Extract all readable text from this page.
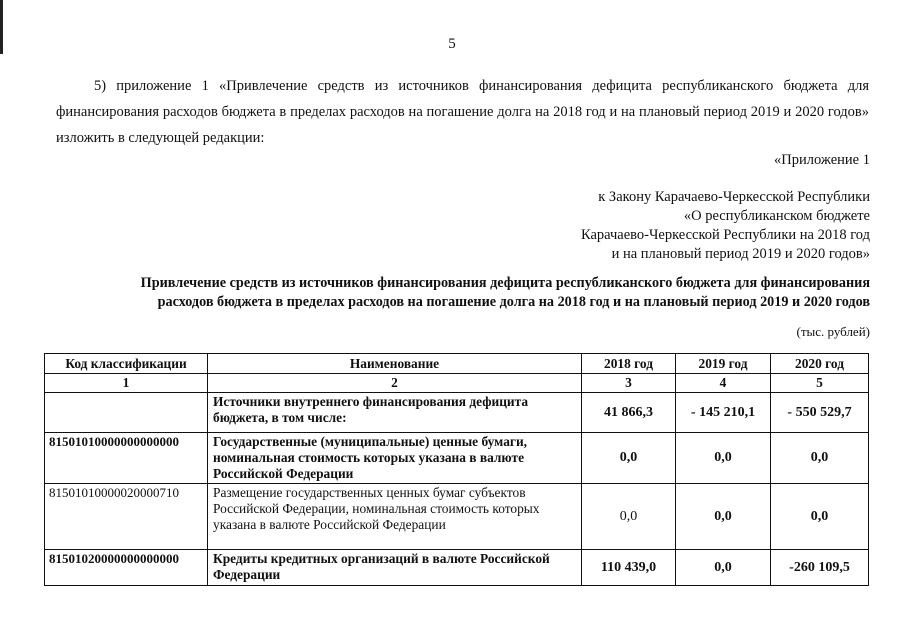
5

5) приложение 1 «Привлечение средств из источников финансирования дефицита республиканского бюджета для финансирования расходов бюджета в пределах расходов на погашение долга на 2018 год и на плановый период 2019 и 2020 годов» изложить в следующей редакции:

«Приложение 1
к Закону Карачаево-Черкесской Республики
«О республиканском бюджете
Карачаево-Черкесской Республики на 2018 год
и на плановый период 2019 и 2020 годов»
Привлечение средств из источников финансирования дефицита республиканского бюджета для финансирования
расходов бюджета в пределах расходов на погашение долга на 2018 год и на плановый период 2019 и 2020 годов
(тыс. рублей)
Код классификации	Наименование	2018 год	2019 год	2020 год
1	2	3	4	5
	Источники внутреннего финансирования дефицита бюджета, в том числе:	41 866,3	- 145 210,1	- 550 529,7
81501010000000000000	Государственные (муниципальные) ценные бумаги, номинальная стоимость которых указана в валюте Российской Федерации	0,0	0,0	0,0
81501010000020000710	Размещение государственных ценных бумаг субъектов Российской Федерации, номинальная стоимость которых указана в валюте Российской Федерации	0,0	0,0	0,0
81501020000000000000	Кредиты кредитных организаций в валюте Российской Федерации	110 439,0	0,0	-260 109,5
